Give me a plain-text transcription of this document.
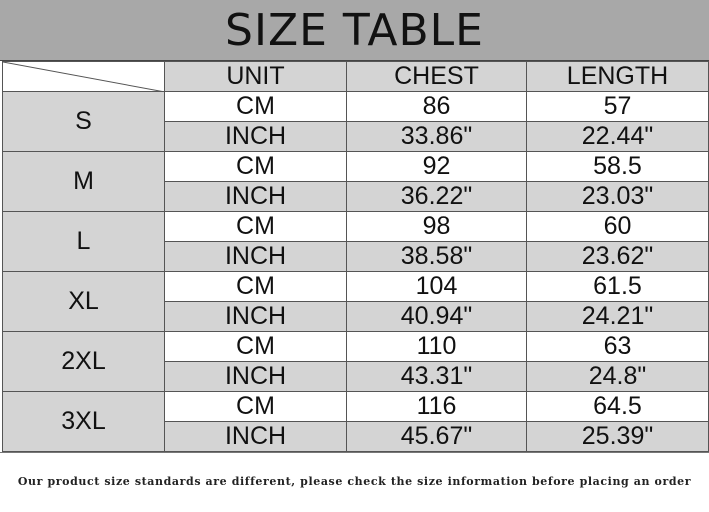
SIZE TABLE
	UNIT	CHEST	LENGTH
S	CM	86	57
	INCH	33.86"	22.44"
M	CM	92	58.5
	INCH	36.22"	23.03"
L	CM	98	60
	INCH	38.58"	23.62"
XL	CM	104	61.5
	INCH	40.94"	24.21"
2XL	CM	110	63
	INCH	43.31"	24.8"
3XL	CM	116	64.5
	INCH	45.67"	25.39"
Our product size standards are different, please check the size information before placing an order
